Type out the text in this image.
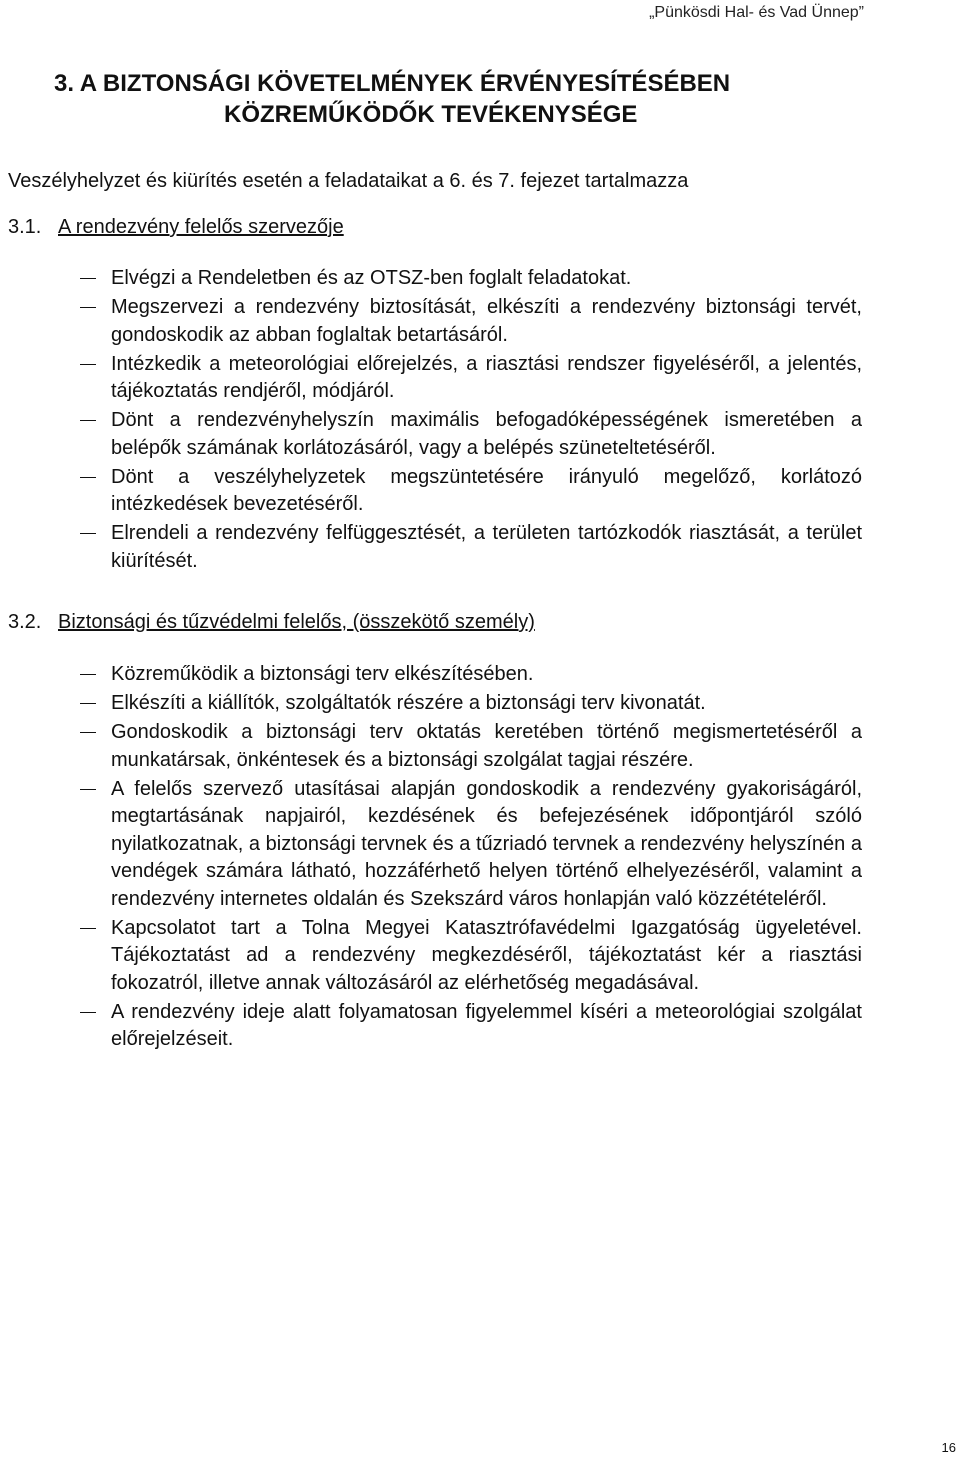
„Pünkösdi Hal- és Vad Ünnep”
3. A BIZTONSÁGI KÖVETELMÉNYEK ÉRVÉNYESÍTÉSÉBEN
KÖZREMŰKÖDŐK TEVÉKENYSÉGE
Veszélyhelyzet és kiürítés esetén a feladataikat a 6. és 7. fejezet tartalmazza
3.1. A rendezvény felelős szervezője
Elvégzi a Rendeletben és az OTSZ-ben foglalt feladatokat.
Megszervezi a rendezvény biztosítását, elkészíti a rendezvény biztonsági tervét, gondoskodik az abban foglaltak betartásáról.
Intézkedik a meteorológiai előrejelzés, a riasztási rendszer figyeléséről, a jelentés, tájékoztatás rendjéről, módjáról.
Dönt a rendezvényhelyszín maximális befogadóképességének ismeretében a belépők számának korlátozásáról, vagy a belépés szüneteltetéséről.
Dönt a veszélyhelyzetek megszüntetésére irányuló megelőző, korlátozó intézkedések bevezetéséről.
Elrendeli a rendezvény felfüggesztését, a területen tartózkodók riasztását, a terület kiürítését.
3.2. Biztonsági és tűzvédelmi felelős, (összekötő személy)
Közreműködik a biztonsági terv elkészítésében.
Elkészíti a kiállítók, szolgáltatók részére a biztonsági terv kivonatát.
Gondoskodik a biztonsági terv oktatás keretében történő megismertetéséről a munkatársak, önkéntesek és a biztonsági szolgálat tagjai részére.
A felelős szervező utasításai alapján gondoskodik a rendezvény gyakoriságáról, megtartásának napjairól, kezdésének és befejezésének időpontjáról szóló nyilatkozatnak, a biztonsági tervnek és a tűzriadó tervnek a rendezvény helyszínén a vendégek számára látható, hozzáférhető helyen történő elhelyezéséről, valamint a rendezvény internetes oldalán és Szekszárd város honlapján való közzétételéről.
Kapcsolatot tart a Tolna Megyei Katasztrófavédelmi Igazgatóság ügyeletével. Tájékoztatást ad a rendezvény megkezdéséről, tájékoztatást kér a riasztási fokozatról, illetve annak változásáról az elérhetőség megadásával.
A rendezvény ideje alatt folyamatosan figyelemmel kíséri a meteorológiai szolgálat előrejelzéseit.
16
